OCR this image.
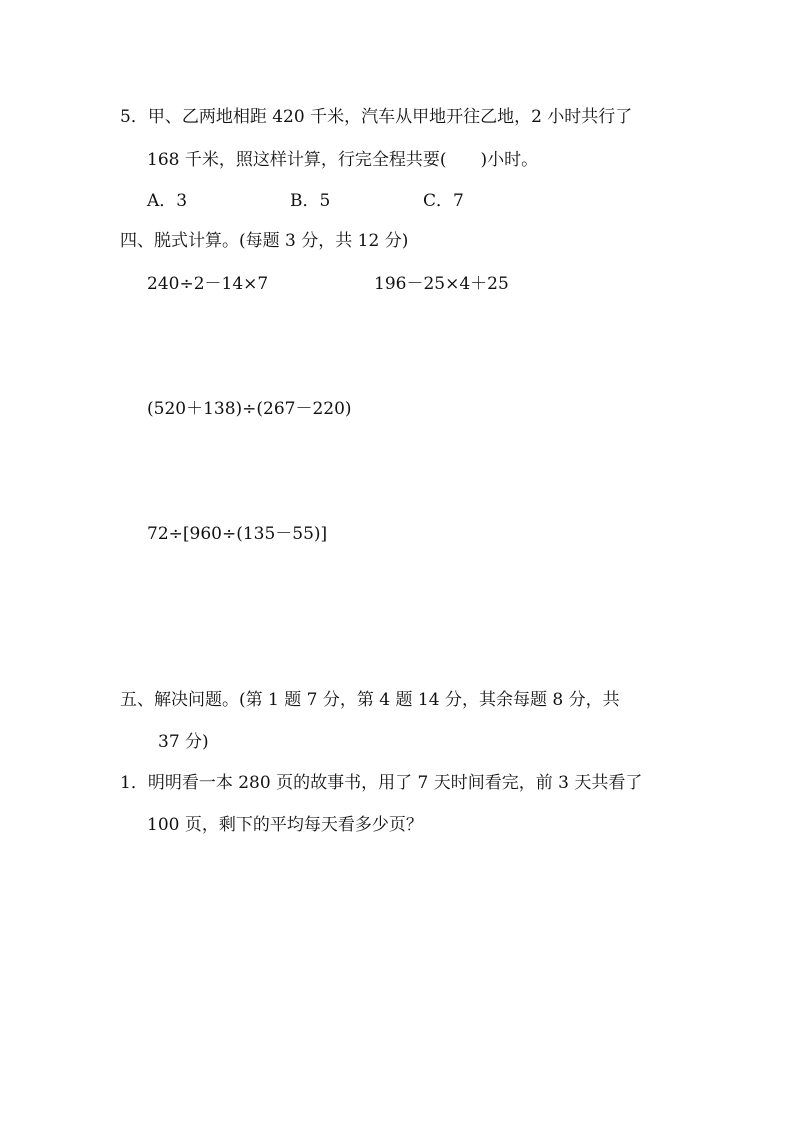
5．甲、乙两地相距 420 千米，汽车从甲地开往乙地，2 小时共行了
168 千米，照这样计算，行完全程共要(　　)小时。
A．3	B．5	C．7
四、脱式计算。(每题 3 分，共 12 分)
240÷2－14×7	196－25×4＋25
(520＋138)÷(267－220)
72÷[960÷(135－55)]
五、解决问题。(第 1 题 7 分，第 4 题 14 分，其余每题 8 分，共
37 分)
1．明明看一本 280 页的故事书，用了 7 天时间看完，前 3 天共看了
100 页，剩下的平均每天看多少页？
